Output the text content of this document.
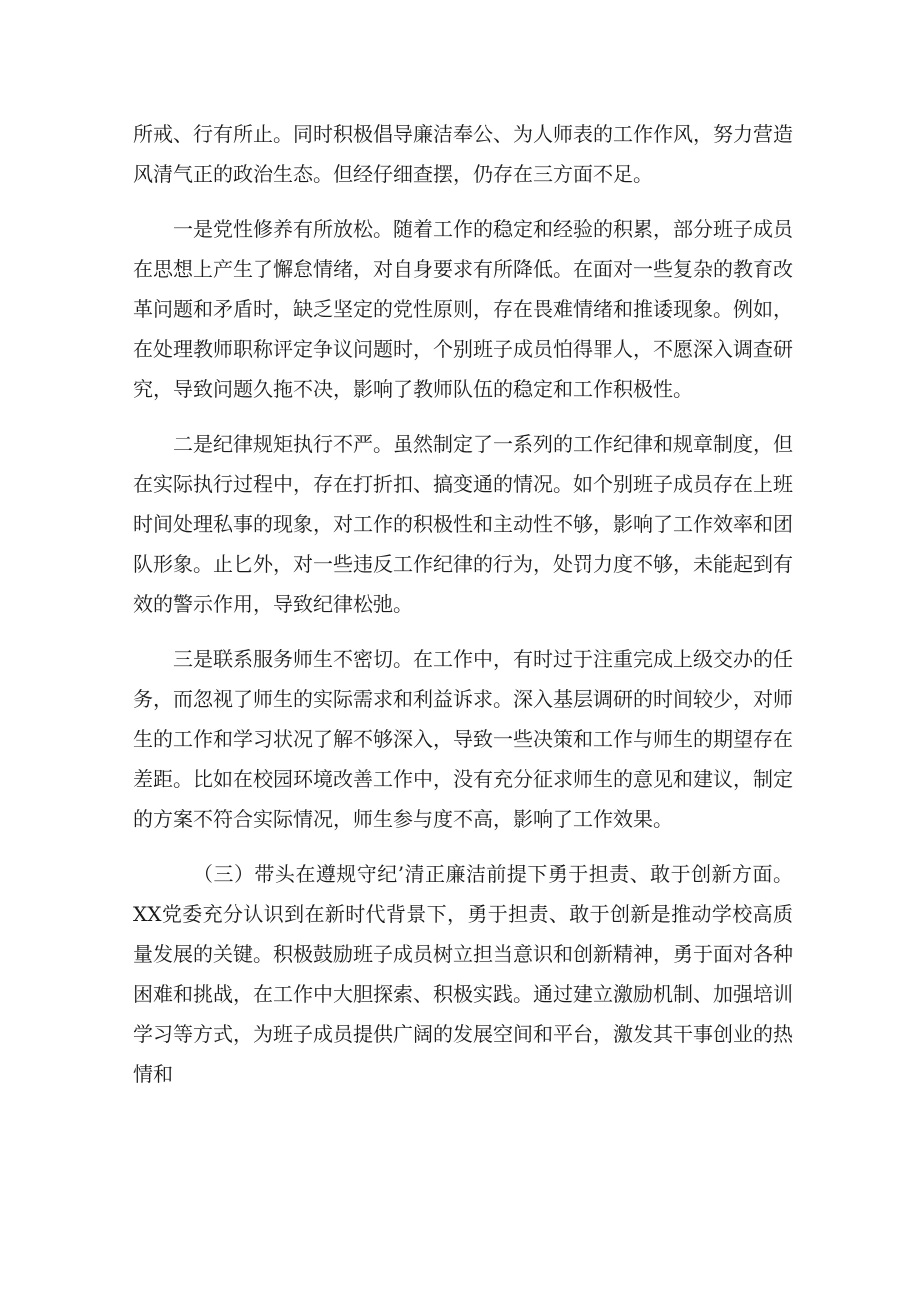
所戒、行有所止。同时积极倡导廉洁奉公、为人师表的工作作风，努力营造风清气正的政治生态。但经仔细查摆，仍存在三方面不足。

一是党性修养有所放松。随着工作的稳定和经验的积累，部分班子成员在思想上产生了懈怠情绪，对自身要求有所降低。在面对一些复杂的教育改革问题和矛盾时，缺乏坚定的党性原则，存在畏难情绪和推诿现象。例如，在处理教师职称评定争议问题时，个别班子成员怕得罪人，不愿深入调查研究，导致问题久拖不决，影响了教师队伍的稳定和工作积极性。

二是纪律规矩执行不严。虽然制定了一系列的工作纪律和规章制度，但在实际执行过程中，存在打折扣、搞变通的情况。如个别班子成员存在上班时间处理私事的现象，对工作的积极性和主动性不够，影响了工作效率和团队形象。止匕外，对一些违反工作纪律的行为，处罚力度不够，未能起到有效的警示作用，导致纪律松弛。

三是联系服务师生不密切。在工作中，有时过于注重完成上级交办的任务，而忽视了师生的实际需求和利益诉求。深入基层调研的时间较少，对师生的工作和学习状况了解不够深入，导致一些决策和工作与师生的期望存在差距。比如在校园环境改善工作中，没有充分征求师生的意见和建议，制定的方案不符合实际情况，师生参与度不高，影响了工作效果。

（三）带头在遵规守纪’清正廉洁前提下勇于担责、敢于创新方面。XX党委充分认识到在新时代背景下，勇于担责、敢于创新是推动学校高质量发展的关键。积极鼓励班子成员树立担当意识和创新精神，勇于面对各种困难和挑战，在工作中大胆探索、积极实践。通过建立激励机制、加强培训学习等方式，为班子成员提供广阔的发展空间和平台，激发其干事创业的热情和
